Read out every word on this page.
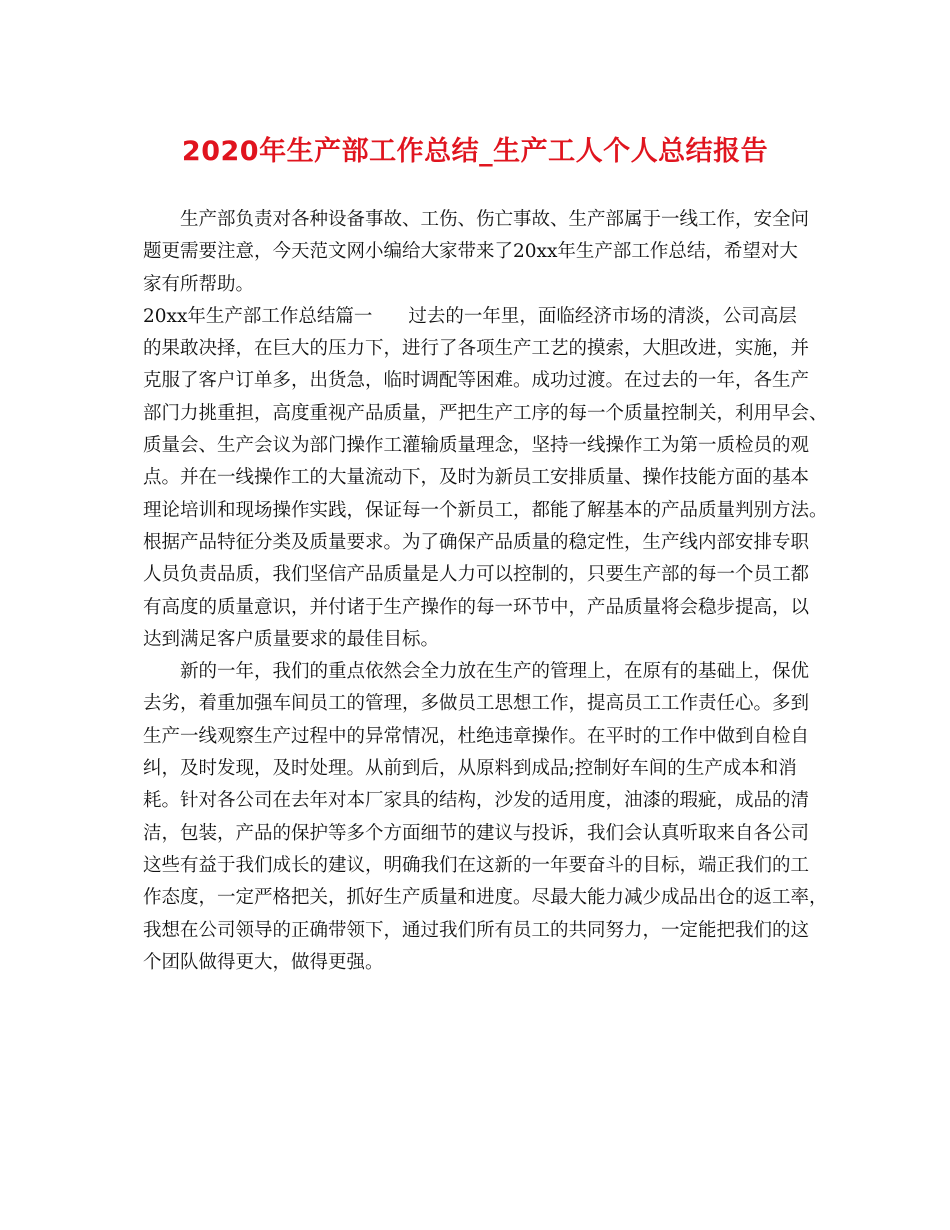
2020年生产部工作总结_生产工人个人总结报告
生产部负责对各种设备事故、工伤、伤亡事故、生产部属于一线工作，安全问
题更需要注意，今天范文网小编给大家带来了20xx年生产部工作总结，希望对大
家有所帮助。
20xx年生产部工作总结篇一 过去的一年里，面临经济市场的清淡，公司高层
的果敢决择，在巨大的压力下，进行了各项生产工艺的摸索，大胆改进，实施，并
克服了客户订单多，出货急，临时调配等困难。成功过渡。在过去的一年，各生产
部门力挑重担，高度重视产品质量，严把生产工序的每一个质量控制关，利用早会、
质量会、生产会议为部门操作工灌输质量理念，坚持一线操作工为第一质检员的观
点。并在一线操作工的大量流动下，及时为新员工安排质量、操作技能方面的基本
理论培训和现场操作实践，保证每一个新员工，都能了解基本的产品质量判别方法。
根据产品特征分类及质量要求。为了确保产品质量的稳定性，生产线内部安排专职
人员负责品质，我们坚信产品质量是人力可以控制的，只要生产部的每一个员工都
有高度的质量意识，并付诸于生产操作的每一环节中，产品质量将会稳步提高，以
达到满足客户质量要求的最佳目标。
新的一年，我们的重点依然会全力放在生产的管理上，在原有的基础上，保优
去劣，着重加强车间员工的管理，多做员工思想工作，提高员工工作责任心。多到
生产一线观察生产过程中的异常情况，杜绝违章操作。在平时的工作中做到自检自
纠，及时发现，及时处理。从前到后，从原料到成品;控制好车间的生产成本和消
耗。针对各公司在去年对本厂家具的结构，沙发的适用度，油漆的瑕疵，成品的清
洁，包装，产品的保护等多个方面细节的建议与投诉，我们会认真听取来自各公司
这些有益于我们成长的建议，明确我们在这新的一年要奋斗的目标，端正我们的工
作态度，一定严格把关，抓好生产质量和进度。尽最大能力减少成品出仓的返工率，
我想在公司领导的正确带领下，通过我们所有员工的共同努力，一定能把我们的这
个团队做得更大，做得更强。
